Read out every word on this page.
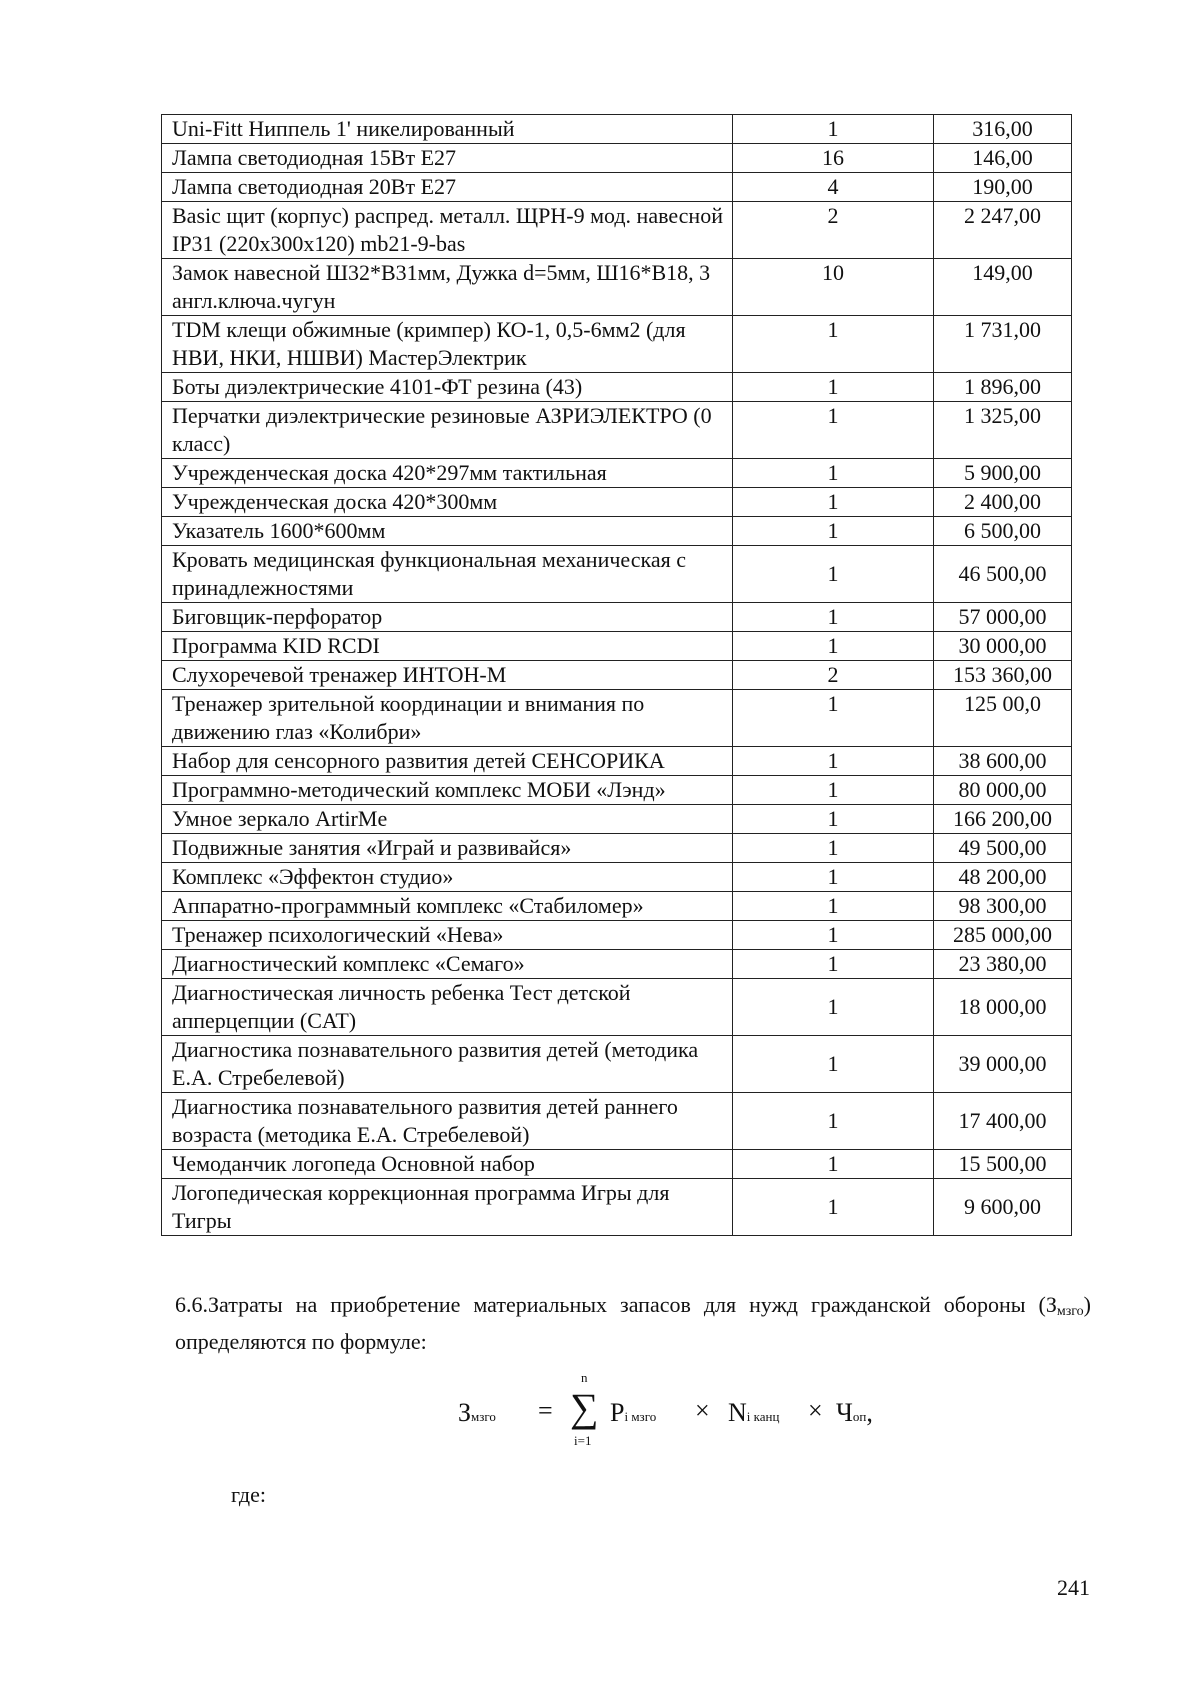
Uni-Fitt Ниппель 1' никелированный	1	316,00
Лампа светодиодная 15Вт Е27	16	146,00
Лампа светодиодная 20Вт Е27	4	190,00
Basic щит (корпус) распред. металл. ЩРН-9 мод. навесной IP31 (220x300x120) mb21-9-bas	2	2 247,00
Замок навесной Ш32*В31мм, Дужка d=5мм, Ш16*В18, 3 англ.ключа.чугун	10	149,00
TDM клещи обжимные (кримпер) КО-1, 0,5-6мм2 (для НВИ, НКИ, НШВИ) МастерЭлектрик	1	1 731,00
Боты диэлектрические 4101-ФТ резина (43)	1	1 896,00
Перчатки диэлектрические резиновые АЗРИЭЛЕКТРО (0 класс)	1	1 325,00
Учрежденческая доска 420*297мм тактильная	1	5 900,00
Учрежденческая доска 420*300мм	1	2 400,00
Указатель 1600*600мм	1	6 500,00
Кровать медицинская функциональная механическая с принадлежностями	1	46 500,00
Биговщик-перфоратор	1	57 000,00
Программа KID RCDI	1	30 000,00
Слухоречевой тренажер ИНТОН-М	2	153 360,00
Тренажер зрительной координации и внимания по движению глаз «Колибри»	1	125 00,0
Набор для сенсорного развития детей СЕНСОРИКА	1	38 600,00
Программно-методический комплекс МОБИ «Лэнд»	1	80 000,00
Умное зеркало ArtirMe	1	166 200,00
Подвижные занятия «Играй и развивайся»	1	49 500,00
Комплекс «Эффектон студио»	1	48 200,00
Аппаратно-программный комплекс «Стабиломер»	1	98 300,00
Тренажер психологический «Нева»	1	285 000,00
Диагностический комплекс «Семаго»	1	23 380,00
Диагностическая личность ребенка Тест детской апперцепции (CAT)	1	18 000,00
Диагностика познавательного развития детей (методика Е.А. Стребелевой)	1	39 000,00
Диагностика познавательного развития детей раннего возраста (методика Е.А. Стребелевой)	1	17 400,00
Чемоданчик логопеда Основной набор	1	15 500,00
Логопедическая коррекционная программа Игры для Тигры	1	9 600,00

6.6.Затраты на приобретение материальных запасов для нужд гражданской обороны $(З_{мзго})$ определяются по формуле:

Змзго =
n
∑
i=1
Pi мзго × Ni канц × Чоп,
где:
241
